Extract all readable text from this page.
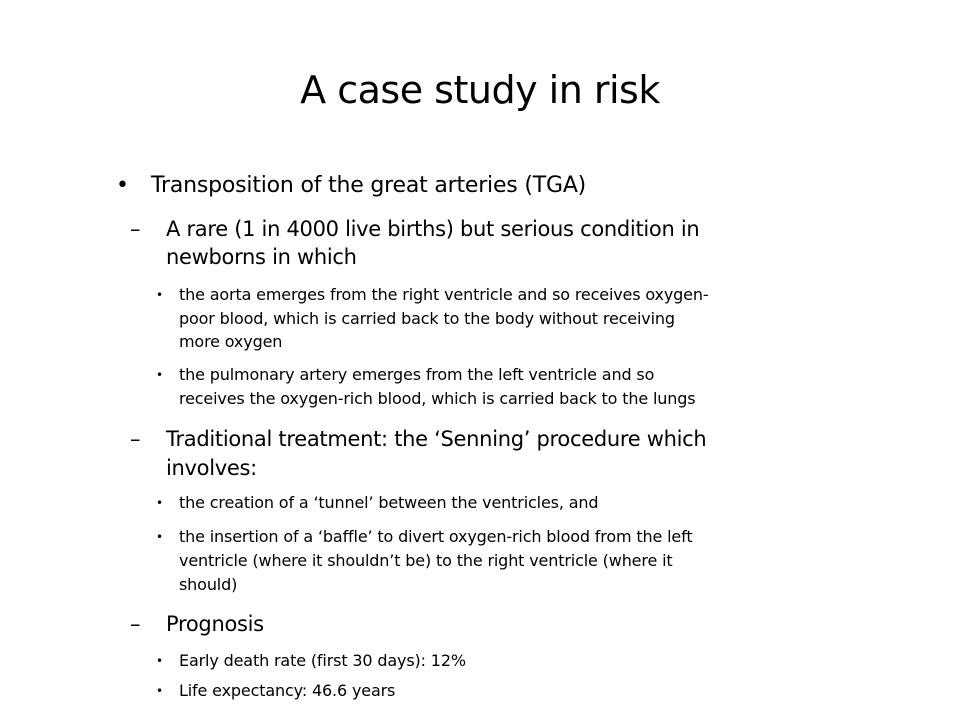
A case study in risk
• Transposition of the great arteries (TGA)
– A rare (1 in 4000 live births) but serious condition in
newborns in which
• the aorta emerges from the right ventricle and so receives oxygen-
poor blood, which is carried back to the body without receiving
more oxygen
• the pulmonary artery emerges from the left ventricle and so
receives the oxygen-rich blood, which is carried back to the lungs
– Traditional treatment: the ‘Senning’ procedure which
involves:
• the creation of a ‘tunnel’ between the ventricles, and
• the insertion of a ‘baffle’ to divert oxygen-rich blood from the left
ventricle (where it shouldn’t be) to the right ventricle (where it
should)
– Prognosis
• Early death rate (first 30 days): 12%
• Life expectancy: 46.6 years
